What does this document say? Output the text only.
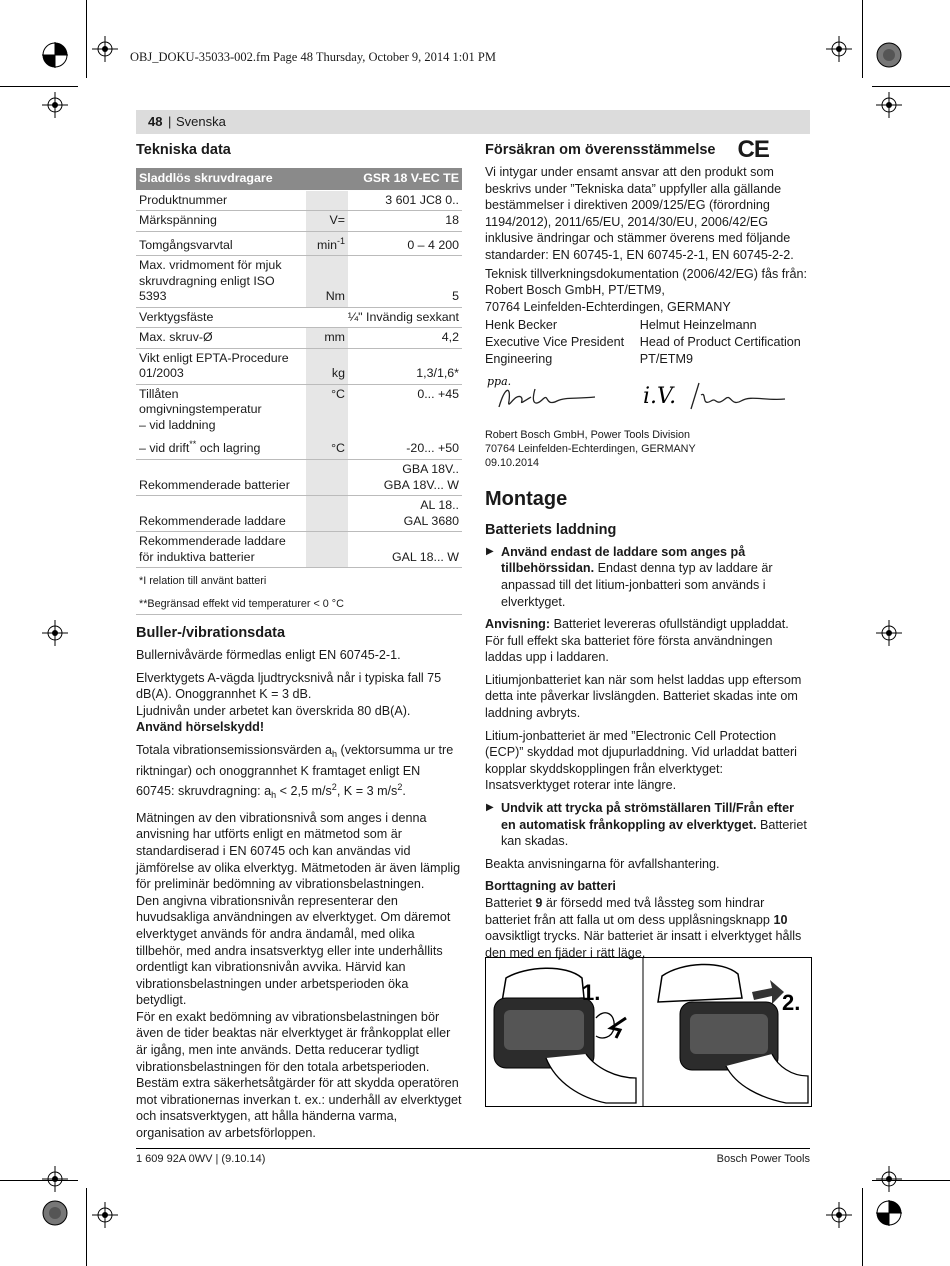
OBJ_DOKU-35033-002.fm Page 48 Thursday, October 9, 2014 1:01 PM
48 | Svenska
Tekniska data
Sladdlös skruvdragare		GSR 18 V-EC TE
Produktnummer		3 601 JC8 0..
Märkspänning	V=	18
Tomgångsvarvtal	$\min^{-1}$	0 – 4 200
Max. vridmoment för mjuk skruvdragning enligt ISO 5393	Nm	5
Verktygsfäste	¼" Invändig sexkant	
Max. skruv-Ø	mm	4,2
Vikt enligt EPTA-Procedure 01/2003	kg	1,3/1,6*
Tillåten omgivningstemperatur
– vid laddning	°C	0... +45
– vid drift** och lagring	°C	-20... +50
Rekommenderade batterier		GBA 18V..
GBA 18V... W
Rekommenderade laddare		AL 18..
GAL 3680
Rekommenderade laddare för induktiva batterier		GAL 18... W
*I relation till använt batteri
**Begränsad effekt vid temperaturer < 0 °C
Buller-/vibrationsdata

Bullernivåvärde förmedlas enligt EN 60745-2-1.

Elverktygets A-vägda ljudtrycksnivå når i typiska fall 75 dB(A). Onoggrannhet K = 3 dB.

Ljudnivån under arbetet kan överskrida 80 dB(A).

Använd hörselskydd!

Totala vibrationsemissionsvärden $a_h$ (vektorsumma ur tre riktningar) och onoggrannhet K framtaget enligt EN 60745: skruvdragning: $a_h < 2,5$ $m/s^2$, K = 3 $m/s^2$.

Mätningen av den vibrationsnivå som anges i denna anvisning har utförts enligt en mätmetod som är standardiserad i EN 60745 och kan användas vid jämförelse av olika elverktyg. Mätmetoden är även lämplig för preliminär bedömning av vibrationsbelastningen.

Den angivna vibrationsnivån representerar den huvudsakliga användningen av elverktyget. Om däremot elverktyget används för andra ändamål, med olika tillbehör, med andra insatsverktyg eller inte underhållits ordentligt kan vibrationsnivån avvika. Härvid kan vibrationsbelastningen under arbetsperioden öka betydligt.

För en exakt bedömning av vibrationsbelastningen bör även de tider beaktas när elverktyget är frånkopplat eller är igång, men inte används. Detta reducerar tydligt vibrationsbelastningen för den totala arbetsperioden.

Bestäm extra säkerhetsåtgärder för att skydda operatören mot vibrationernas inverkan t. ex.: underhåll av elverktyget och insatsverktygen, att hålla händerna varma, organisation av arbetsförloppen.

Försäkran om överensstämmelse CE

Vi intygar under ensamt ansvar att den produkt som beskrivs under ”Tekniska data” uppfyller alla gällande bestämmelser i direktiven 2009/125/EG (förordning 1194/2012), 2011/65/EU, 2014/30/EU, 2006/42/EG inklusive ändringar och stämmer överens med följande standarder: EN 60745-1, EN 60745-2-1, EN 60745-2-2.

Teknisk tillverkningsdokumentation (2006/42/EG) fås från:

Robert Bosch GmbH, PT/ETM9,

70764 Leinfelden-Echterdingen, GERMANY

Henk Becker
Executive Vice President
Engineering
Helmut Heinzelmann
Head of Product Certification
PT/ETM9
ppa.
i.V.
Robert Bosch GmbH, Power Tools Division
70764 Leinfelden-Echterdingen, GERMANY
09.10.2014
Montage
Batteriets laddning
▶ Använd endast de laddare som anges på tillbehörssidan. Endast denna typ av laddare är anpassad till det litium-jonbatteri som används i elverktyget.

Anvisning: Batteriet levereras ofullständigt uppladdat. För full effekt ska batteriet före första användningen laddas upp i laddaren.

Litiumjonbatteriet kan när som helst laddas upp eftersom detta inte påverkar livslängden. Batteriet skadas inte om laddning avbryts.

Litium-jonbatteriet är med ”Electronic Cell Protection (ECP)” skyddad mot djupurladdning. Vid urladdat batteri kopplar skyddskopplingen från elverktyget: Insatsverktyget roterar inte längre.

▶ Undvik att trycka på strömställaren Till/Från efter en automatisk frånkoppling av elverktyget. Batteriet kan skadas.

Beakta anvisningarna för avfallshantering.

Borttagning av batteri

Batteriet 9 är försedd med två låssteg som hindrar batteriet från att falla ut om dess upplåsningsknapp 10 oavsiktligt trycks. När batteriet är insatt i elverktyget hålls den med en fjäder i rätt läge.

1.	2.
1 609 92A 0WV | (9.10.14)	Bosch Power Tools
